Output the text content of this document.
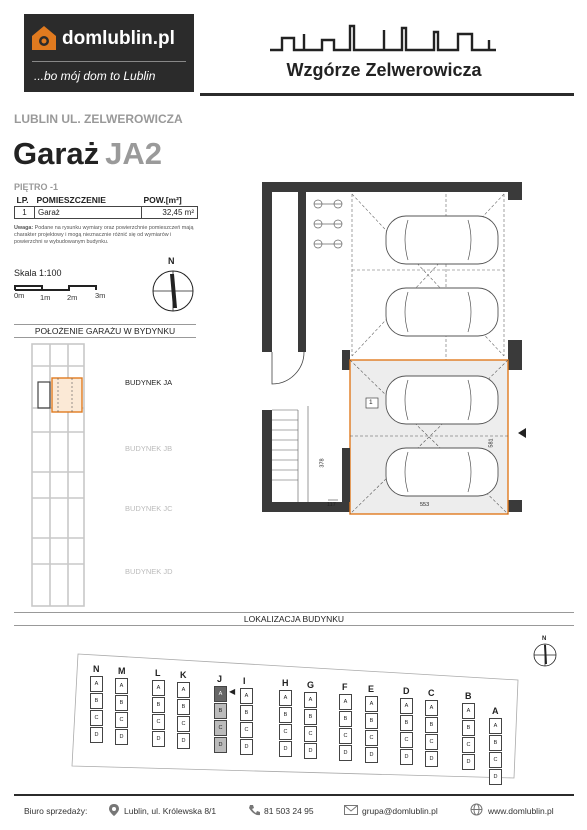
domlublin.pl
...bo mój dom to Lublin	Wzgórze Zelwerowicza
LUBLIN UL. ZELWEROWICZA
Garaż JA2
PIĘTRO -1
LP.	POMIESZCZENIE	POW.[m²]
1	Garaż	32,45 m²
Uwaga: Podane na rysunku wymiary oraz powierzchnie pomieszczeń mają charakter projektowy i mogą nieznacznie różnić się od wymiarów i powierzchni w wybudowanym budynku.
Skala 1:100
0m 1m 2m 3m
N
POŁOŻENIE GARAŻU W BYDYNKU
BUDYNEK JA
BUDYNEK JB
BUDYNEK JC
BUDYNEK JD
1
553
581
378
117
LOKALIZACJA BUDYNKU
N
N
A
B
C
D
M
A
B
C
D
L
A
B
C
D
K
A
B
C
D
J
A
B
C
D
I
A
B
C
D
H
A
B
C
D
G
A
B
C
D
F
A
B
C
D
E
A
B
C
D
D
A
B
C
D
C
A
B
C
D
B
A
B
C
D
A
A
B
C
D
◀
Biuro sprzedaży:	Lublin, ul. Królewska 8/1	81 503 24 95	grupa@domlublin.pl	www.domlublin.pl
